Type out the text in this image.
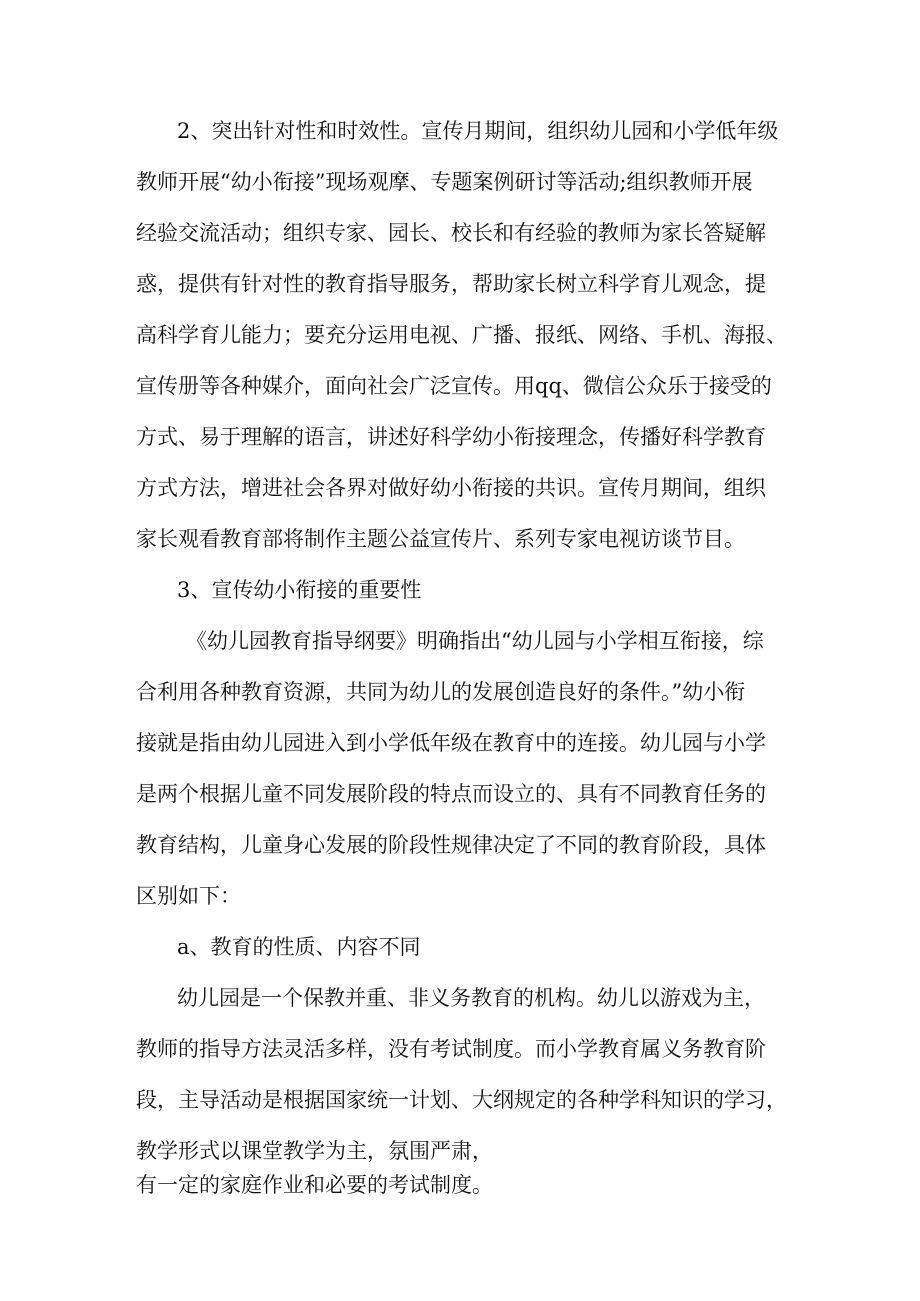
2、突出针对性和时效性。宣传月期间，组织幼儿园和小学低年级
教师开展“幼小衔接”现场观摩、专题案例研讨等活动;组织教师开展
经验交流活动；组织专家、园长、校长和有经验的教师为家长答疑解
惑，提供有针对性的教育指导服务，帮助家长树立科学育儿观念，提
高科学育儿能力；要充分运用电视、广播、报纸、网络、手机、海报、
宣传册等各种媒介，面向社会广泛宣传。用qq、微信公众乐于接受的
方式、易于理解的语言，讲述好科学幼小衔接理念，传播好科学教育
方式方法，增进社会各界对做好幼小衔接的共识。宣传月期间，组织
家长观看教育部将制作主题公益宣传片、系列专家电视访谈节目。
3、宣传幼小衔接的重要性
《幼儿园教育指导纲要》明确指出“幼儿园与小学相互衔接，综
合利用各种教育资源，共同为幼儿的发展创造良好的条件。”幼小衔
接就是指由幼儿园进入到小学低年级在教育中的连接。幼儿园与小学
是两个根据儿童不同发展阶段的特点而设立的、具有不同教育任务的
教育结构，儿童身心发展的阶段性规律决定了不同的教育阶段，具体
区别如下：
a、教育的性质、内容不同
幼儿园是一个保教并重、非义务教育的机构。幼儿以游戏为主，
教师的指导方法灵活多样，没有考试制度。而小学教育属义务教育阶
段，主导活动是根据国家统一计划、大纲规定的各种学科知识的学习，
教学形式以课堂教学为主，氛围严肃，
有一定的家庭作业和必要的考试制度。
